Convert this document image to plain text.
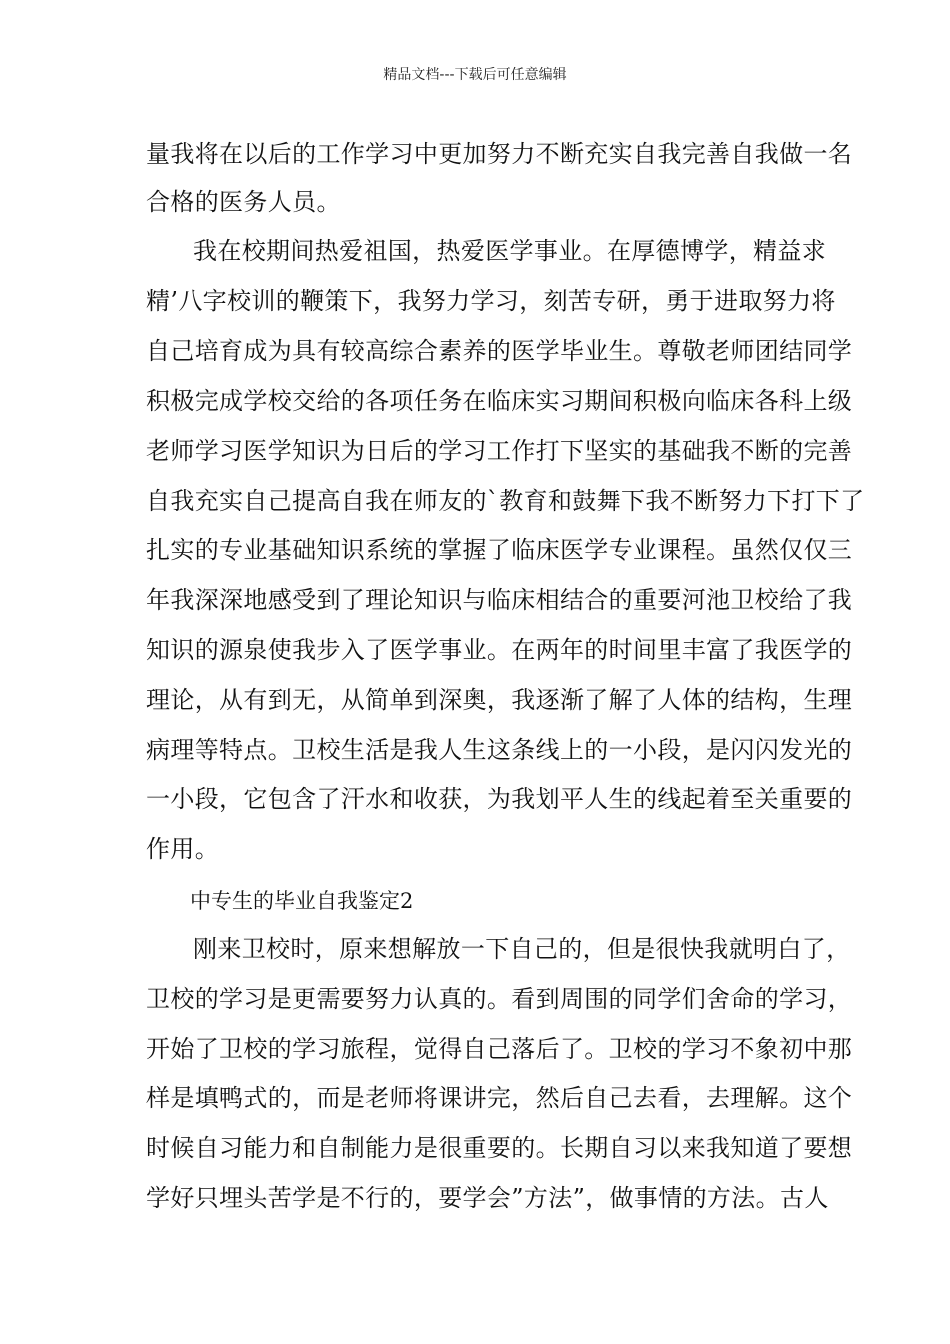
精品文档---下载后可任意编辑
量我将在以后的工作学习中更加努力不断充实自我完善自我做一名
合格的医务人员。
我在校期间热爱祖国，热爱医学事业。在厚德博学，精益求
精’八字校训的鞭策下，我努力学习，刻苦专研，勇于进取努力将
自己培育成为具有较高综合素养的医学毕业生。尊敬老师团结同学
积极完成学校交给的各项任务在临床实习期间积极向临床各科上级
老师学习医学知识为日后的学习工作打下坚实的基础我不断的完善
自我充实自己提高自我在师友的`教育和鼓舞下我不断努力下打下了
扎实的专业基础知识系统的掌握了临床医学专业课程。虽然仅仅三
年我深深地感受到了理论知识与临床相结合的重要河池卫校给了我
知识的源泉使我步入了医学事业。在两年的时间里丰富了我医学的
理论，从有到无，从简单到深奥，我逐渐了解了人体的结构，生理
病理等特点。卫校生活是我人生这条线上的一小段，是闪闪发光的
一小段，它包含了汗水和收获，为我划平人生的线起着至关重要的
作用。
中专生的毕业自我鉴定2
刚来卫校时，原来想解放一下自己的，但是很快我就明白了，
卫校的学习是更需要努力认真的。看到周围的同学们舍命的学习，
开始了卫校的学习旅程，觉得自己落后了。卫校的学习不象初中那
样是填鸭式的，而是老师将课讲完，然后自己去看，去理解。这个
时候自习能力和自制能力是很重要的。长期自习以来我知道了要想
学好只埋头苦学是不行的，要学会”方法”，做事情的方法。古人
